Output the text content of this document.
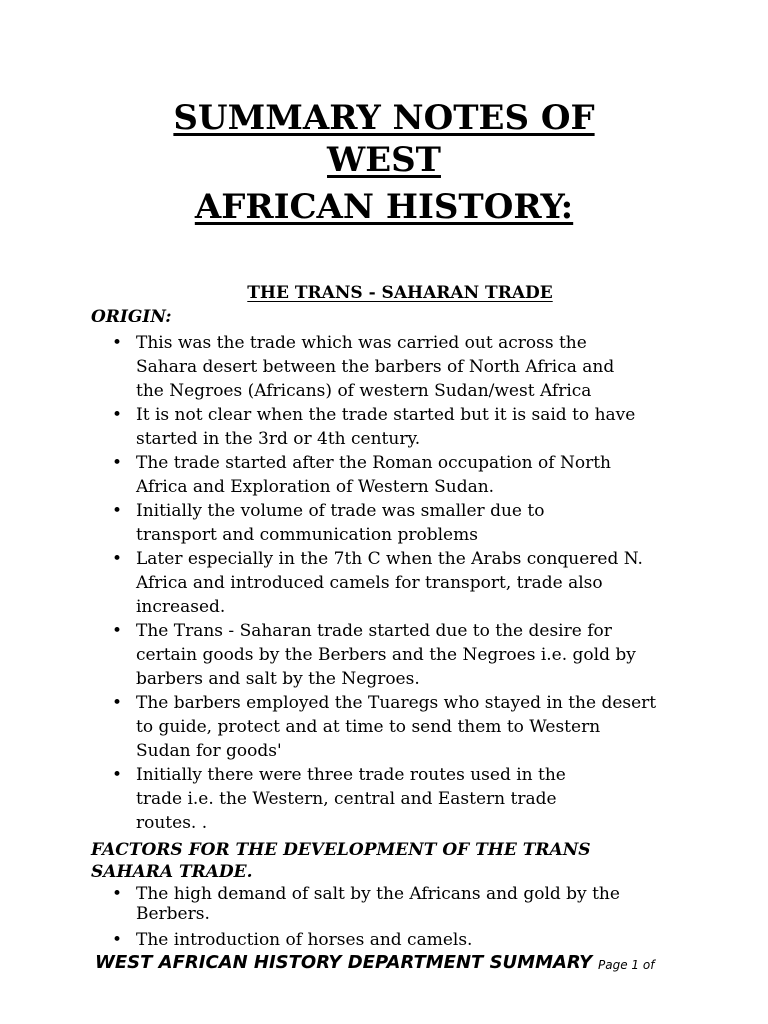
SUMMARY NOTES OF
WEST
AFRICAN HISTORY:
THE TRANS - SAHARAN TRADE
ORIGIN:
• This was the trade which was carried out across the
Sahara desert between the barbers of North Africa and
the Negroes (Africans) of western Sudan/west Africa
• It is not clear when the trade started but it is said to have
started in the 3rd or 4th century.
• The trade started after the Roman occupation of North
Africa and Exploration of Western Sudan.
• Initially the volume of trade was smaller due to
transport and communication problems
• Later especially in the 7th C when the Arabs conquered N.
Africa and introduced camels for transport, trade also
increased.
• The Trans - Saharan trade started due to the desire for
certain goods by the Berbers and the Negroes i.e. gold by
barbers and salt by the Negroes.
• The barbers employed the Tuaregs who stayed in the desert
to guide, protect and at time to send them to Western
Sudan for goods'
• Initially there were three trade routes used in the
trade i.e. the Western, central and Eastern trade
routes. .
FACTORS FOR THE DEVELOPMENT OF THE TRANS
SAHARA TRADE.
• The high demand of salt by the Africans and gold by the
Berbers.
• The introduction of horses and camels.
WEST AFRICAN HISTORY DEPARTMENT SUMMARY Page 1 of
